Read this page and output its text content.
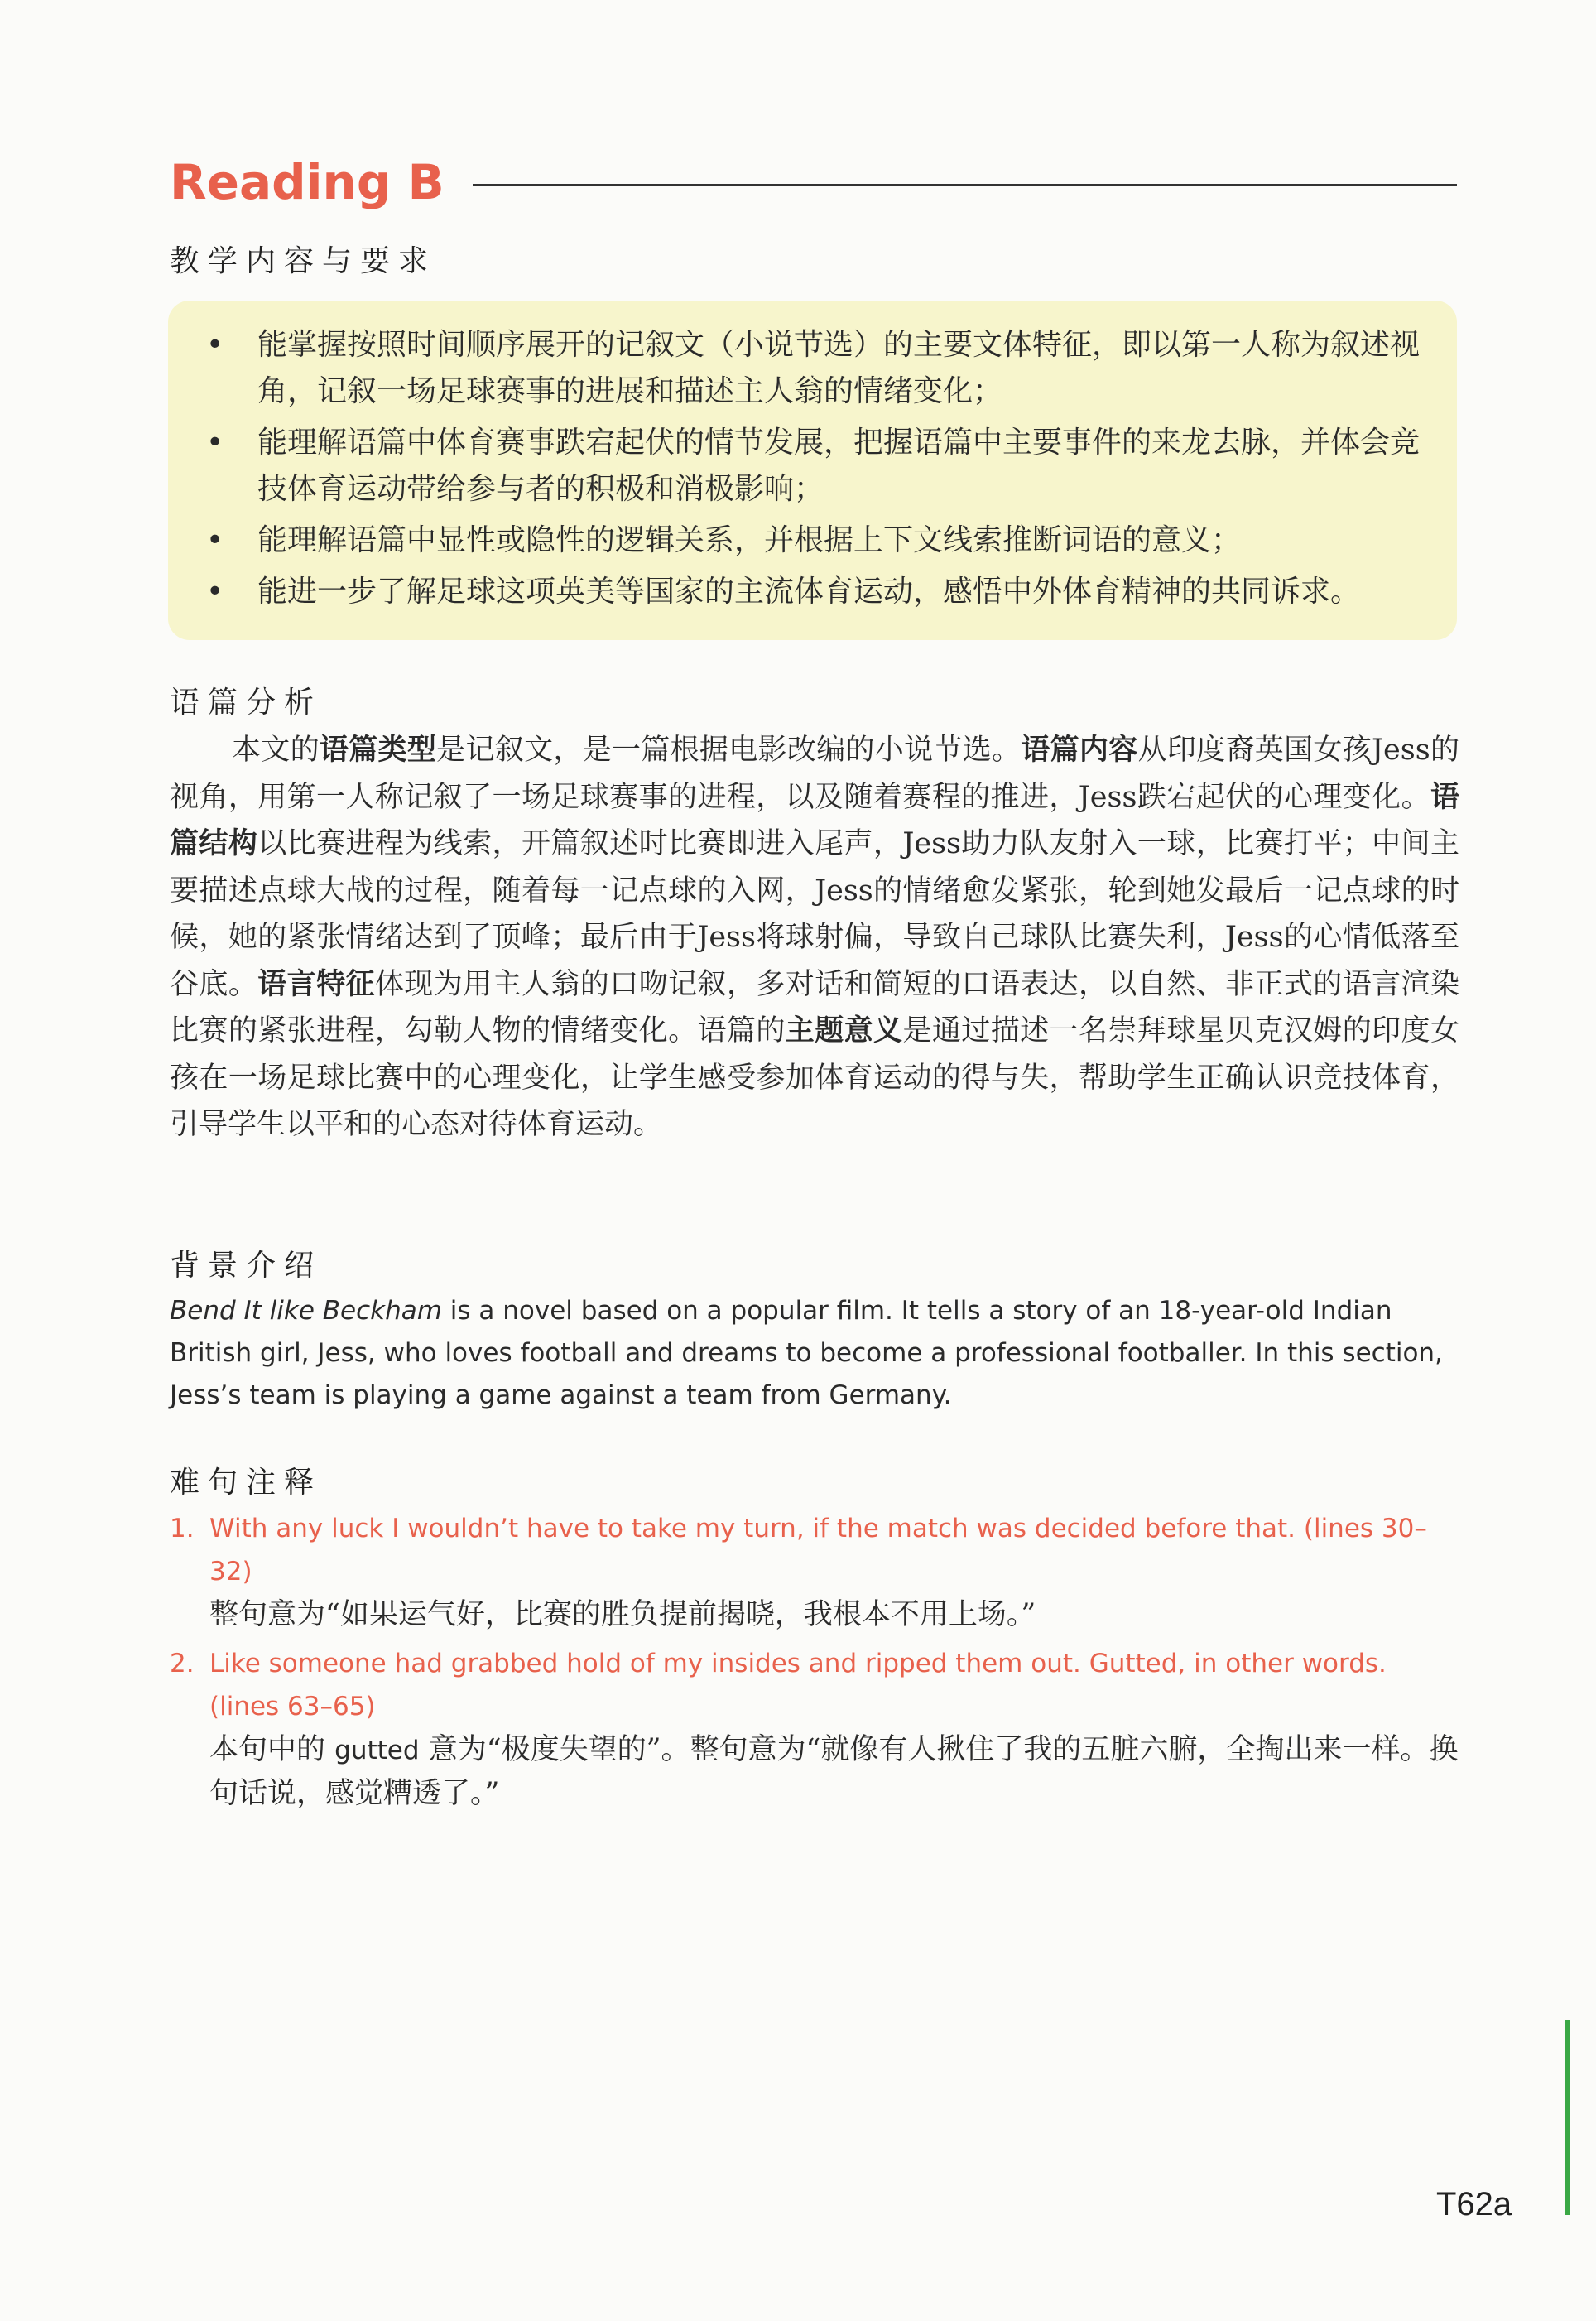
Reading B
教学内容与要求
• 能掌握按照时间顺序展开的记叙文（小说节选）的主要文体特征，即以第一人称为叙述视角，记叙一场足球赛事的进展和描述主人翁的情绪变化；
• 能理解语篇中体育赛事跌宕起伏的情节发展，把握语篇中主要事件的来龙去脉，并体会竞技体育运动带给参与者的积极和消极影响；
• 能理解语篇中显性或隐性的逻辑关系，并根据上下文线索推断词语的意义；
• 能进一步了解足球这项英美等国家的主流体育运动，感悟中外体育精神的共同诉求。
语篇分析

本文的语篇类型是记叙文，是一篇根据电影改编的小说节选。语篇内容从印度裔英国女孩Jess的视角，用第一人称记叙了一场足球赛事的进程，以及随着赛程的推进，Jess跌宕起伏的心理变化。语篇结构以比赛进程为线索，开篇叙述时比赛即进入尾声，Jess助力队友射入一球，比赛打平；中间主要描述点球大战的过程，随着每一记点球的入网，Jess的情绪愈发紧张，轮到她发最后一记点球的时候，她的紧张情绪达到了顶峰；最后由于Jess将球射偏，导致自己球队比赛失利，Jess的心情低落至谷底。语言特征体现为用主人翁的口吻记叙，多对话和简短的口语表达，以自然、非正式的语言渲染比赛的紧张进程，勾勒人物的情绪变化。语篇的主题意义是通过描述一名崇拜球星贝克汉姆的印度女孩在一场足球比赛中的心理变化，让学生感受参加体育运动的得与失，帮助学生正确认识竞技体育，引导学生以平和的心态对待体育运动。

背景介绍

Bend It like Beckham is a novel based on a popular film. It tells a story of an 18-year-old Indian British girl, Jess, who loves football and dreams to become a professional footballer. In this section, Jess’s team is playing a game against a team from Germany.

难句注释
1. With any luck I wouldn’t have to take my turn, if the match was decided before that. (lines 30–32)
整句意为“如果运气好，比赛的胜负提前揭晓，我根本不用上场。”
2. Like someone had grabbed hold of my insides and ripped them out. Gutted, in other words. (lines 63–65)
本句中的 gutted 意为“极度失望的”。整句意为“就像有人揪住了我的五脏六腑，全掏出来一样。换句话说，感觉糟透了。”
T62a
